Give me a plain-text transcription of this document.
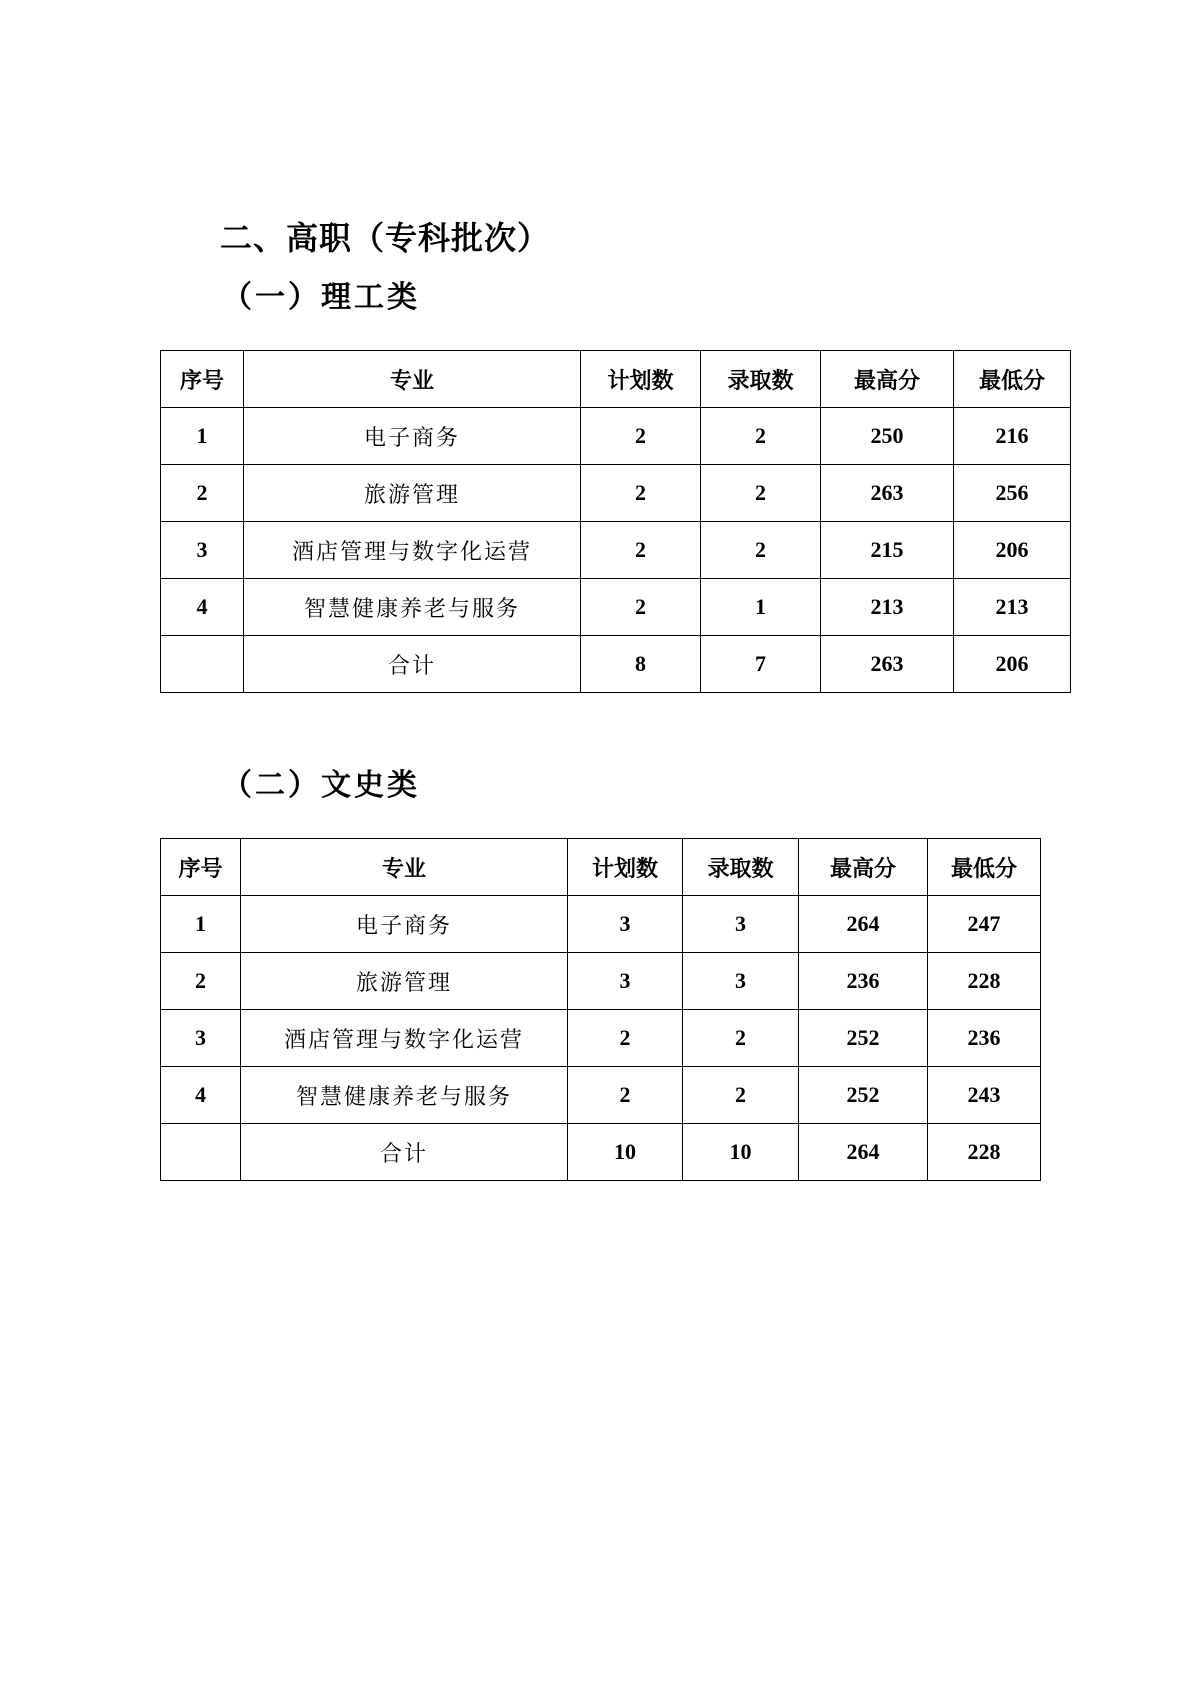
二、高职（专科批次）
（一）理工类
序号	专业	计划数	录取数	最高分	最低分
1	电子商务	2	2	250	216
2	旅游管理	2	2	263	256
3	酒店管理与数字化运营	2	2	215	206
4	智慧健康养老与服务	2	1	213	213
	合计	8	7	263	206
（二）文史类
序号	专业	计划数	录取数	最高分	最低分
1	电子商务	3	3	264	247
2	旅游管理	3	3	236	228
3	酒店管理与数字化运营	2	2	252	236
4	智慧健康养老与服务	2	2	252	243
	合计	10	10	264	228
